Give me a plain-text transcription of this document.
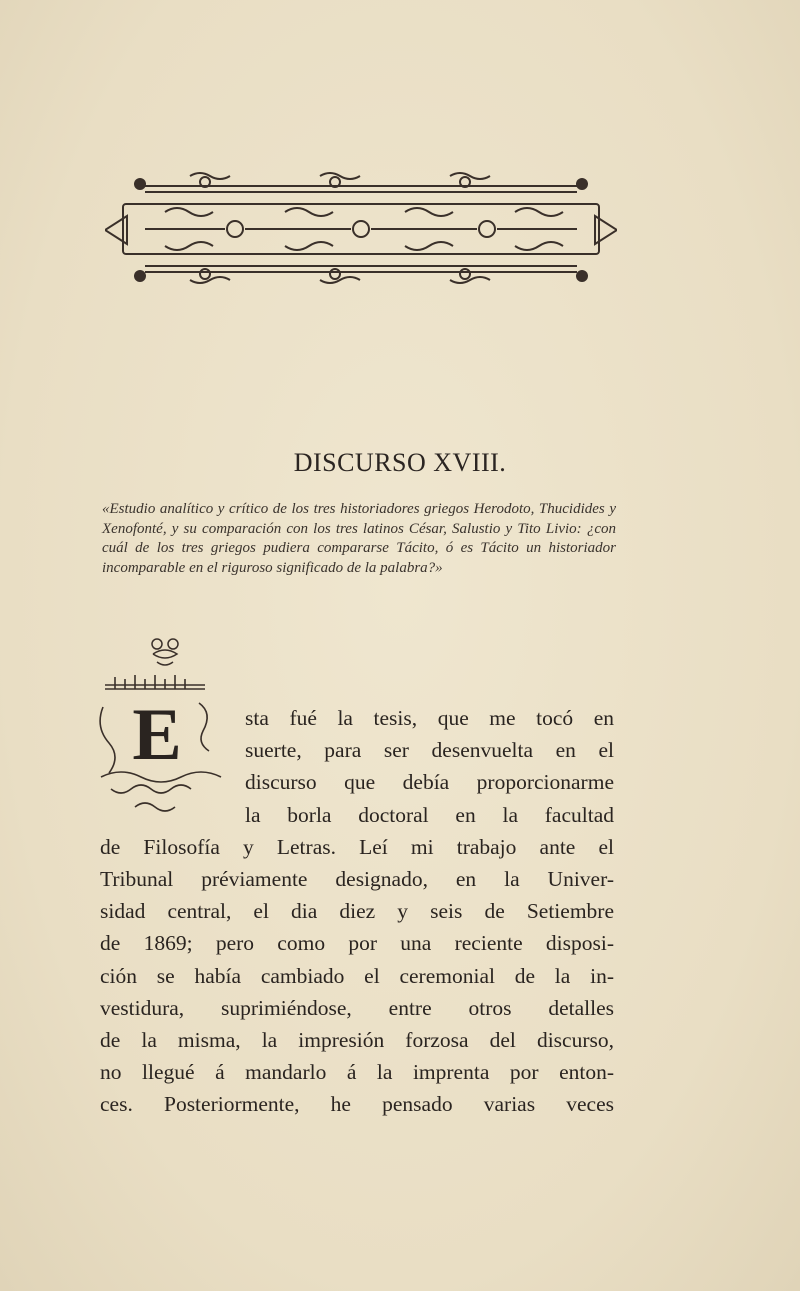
DISCURSO XVIII.
«Estudio analítico y crítico de los tres historiadores griegos Herodoto, Thucidides y Xenofonté, y su comparación con los tres latinos César, Salustio y Tito Livio: ¿con cuál de los tres griegos pudiera compararse Tácito, ó es Tácito un historiador incomparable en el riguroso significado de la palabra?»
E	sta fué la tesis, que me tocó en
suerte, para ser desenvuelta en el
discurso que debía proporcionarme
la borla doctoral en la facultad
de Filosofía y Letras. Leí mi trabajo ante el
Tribunal préviamente designado, en la Univer-
sidad central, el dia diez y seis de Setiembre
de 1869; pero como por una reciente disposi-
ción se había cambiado el ceremonial de la in-
vestidura, suprimiéndose, entre otros detalles
de la misma, la impresión forzosa del discurso,
no llegué á mandarlo á la imprenta por enton-
ces. Posteriormente, he pensado varias veces
